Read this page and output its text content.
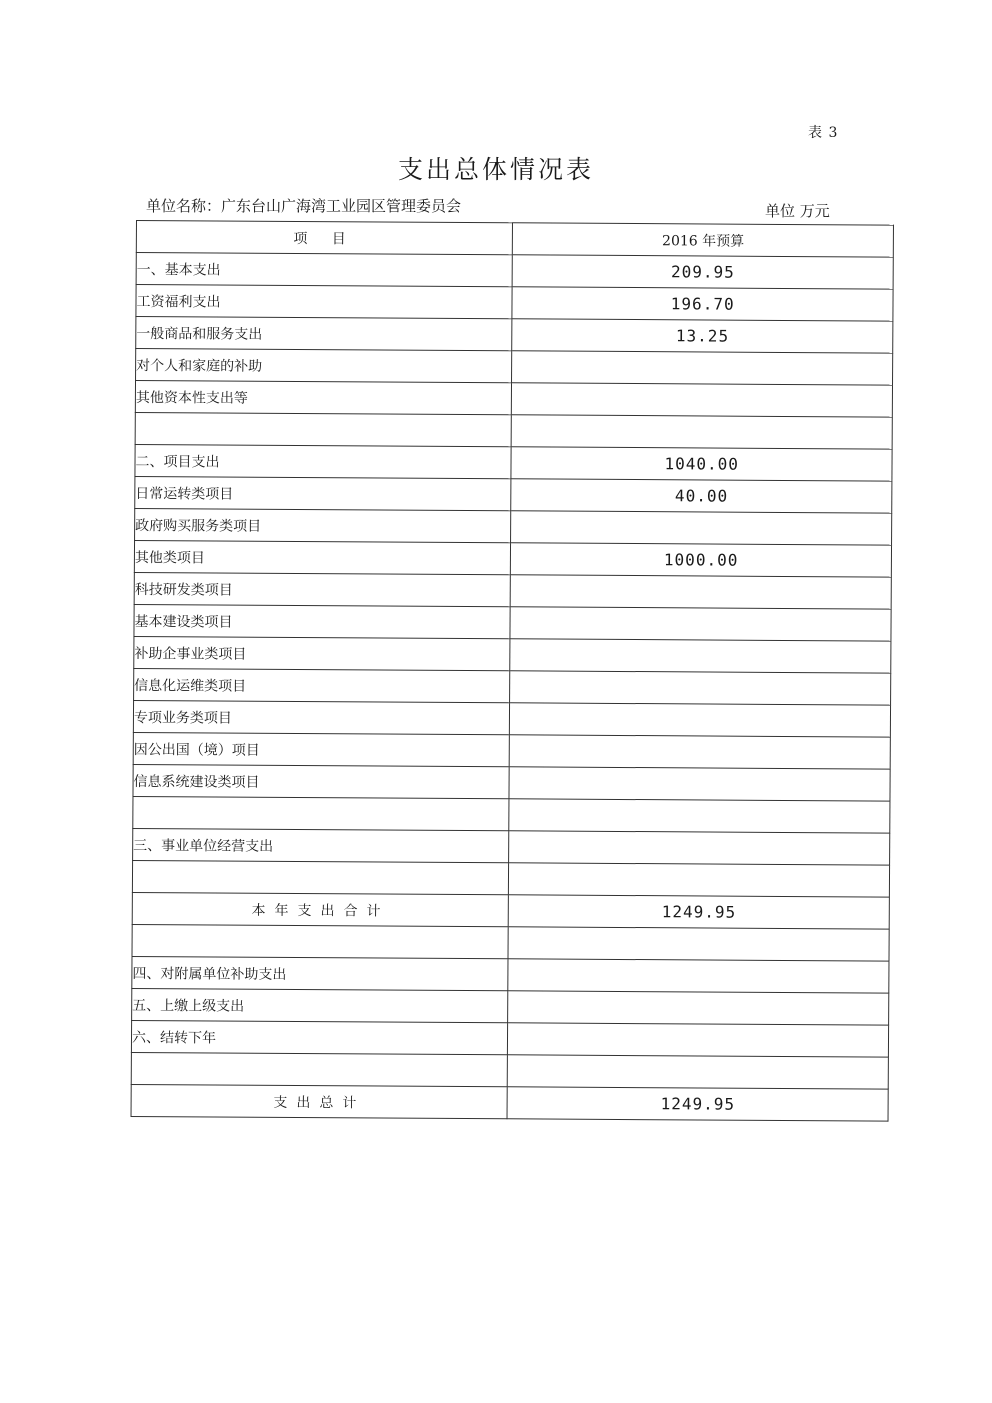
表 3
支出总体情况表
单位名称：广东台山广海湾工业园区管理委员会	单位 万元
项 目	2016 年预算
一、基本支出	209.95
工资福利支出	196.70
一般商品和服务支出	13.25
对个人和家庭的补助	
其他资本性支出等	

二、项目支出	1040.00
日常运转类项目	40.00
政府购买服务类项目	
其他类项目	1000.00
科技研发类项目	
基本建设类项目	
补助企事业类项目	
信息化运维类项目	
专项业务类项目	
因公出国（境）项目	
信息系统建设类项目	

三、事业单位经营支出	

本年支出合计	1249.95

四、对附属单位补助支出	
五、上缴上级支出	
六、结转下年	

支出总计	1249.95
